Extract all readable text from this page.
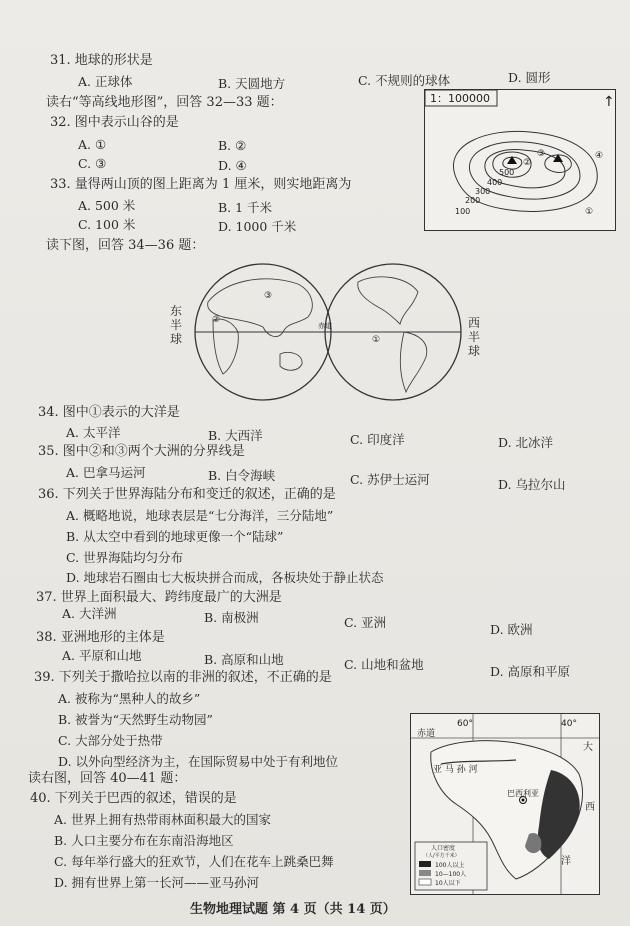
31. 地球的形状是
A. 正球体	B. 天圆地方	C. 不规则的球体	D. 圆形
读右“等高线地形图”，回答 32—33 题：
32. 图中表示山谷的是
A. ①	B. ②
C. ③	D. ④
33. 量得两山顶的图上距离为 1 厘米，则实地距离为
A. 500 米	B. 1 千米
C. 100 米	D. 1000 千米
读下图，回答 34—36 题：
1：100000	↑
500
400
300
200
100	①
②
③	④
③
②
①
赤道
东半球
西半球
34. 图中①表示的大洋是
A. 太平洋	B. 大西洋	C. 印度洋	D. 北冰洋
35. 图中②和③两个大洲的分界线是
A. 巴拿马运河	B. 白令海峡	C. 苏伊士运河	D. 乌拉尔山
36. 下列关于世界海陆分布和变迁的叙述，正确的是
A. 概略地说，地球表层是“七分海洋，三分陆地”
B. 从太空中看到的地球更像一个“陆球”
C. 世界海陆均匀分布
D. 地球岩石圈由七大板块拼合而成，各板块处于静止状态
37. 世界上面积最大、跨纬度最广的大洲是
A. 大洋洲	B. 南极洲	C. 亚洲	D. 欧洲
38. 亚洲地形的主体是
A. 平原和山地	B. 高原和山地	C. 山地和盆地	D. 高原和平原
39. 下列关于撒哈拉以南的非洲的叙述，不正确的是
A. 被称为“黑种人的故乡”
B. 被誉为“天然野生动物园”
C. 大部分处于热带
D. 以外向型经济为主，在国际贸易中处于有利地位
读右图，回答 40—41 题：
40. 下列关于巴西的叙述，错误的是
A. 世界上拥有热带雨林面积最大的国家
B. 人口主要分布在东南沿海地区
C. 每年举行盛大的狂欢节，人们在花车上跳桑巴舞
D. 拥有世界上第一长河——亚马孙河
60°	40°
赤道
亚 马 孙 河
巴西利亚
大
西
洋
人口密度
（人/平方千米）
100人以上
10—100人
10人以下
生物地理试题 第 4 页（共 14 页）
